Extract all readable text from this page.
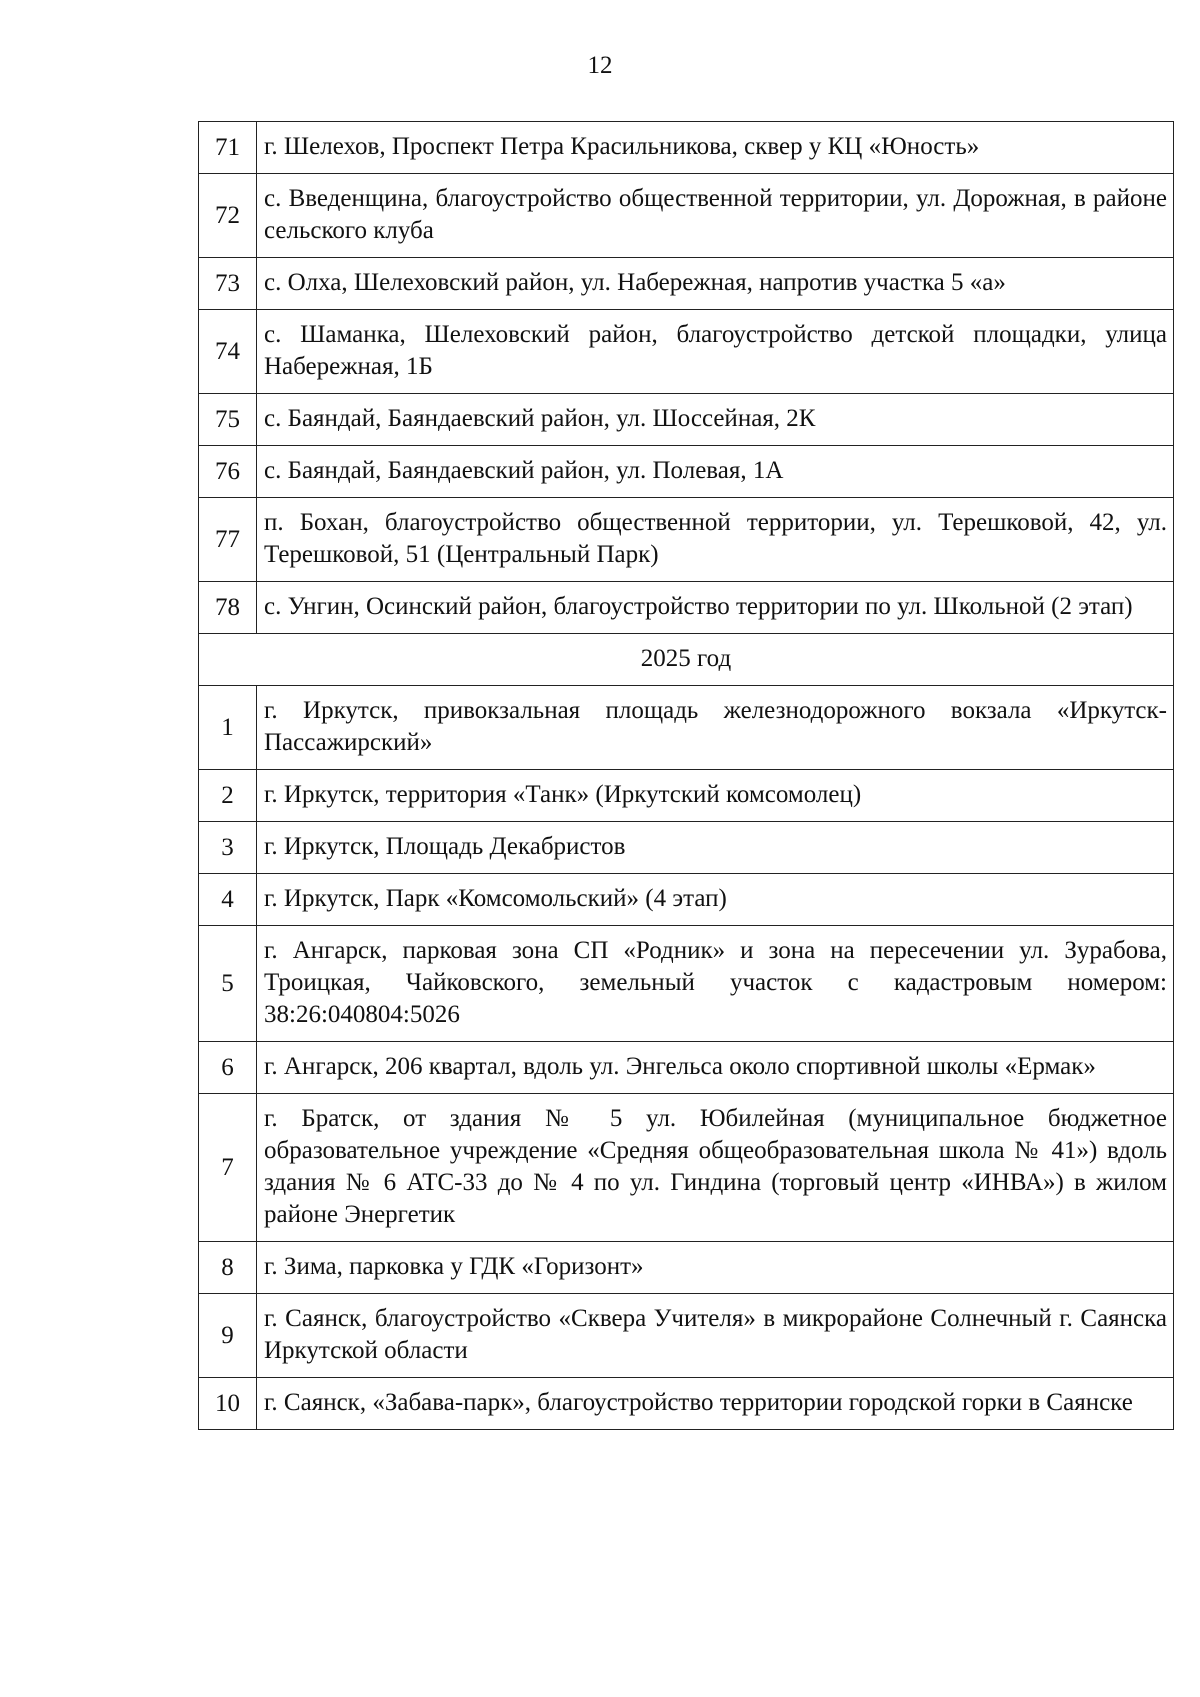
12
71	г. Шелехов, Проспект Петра Красильникова, сквер у КЦ «Юность»
72	с. Введенщина, благоустройство общественной территории, ул. Дорожная, в районе сельского клуба
73	с. Олха, Шелеховский район, ул. Набережная, напротив участка 5 «а»
74	с. Шаманка, Шелеховский район, благоустройство детской площадки, улица Набережная, 1Б
75	с. Баяндай, Баяндаевский район, ул. Шоссейная, 2К
76	с. Баяндай, Баяндаевский район, ул. Полевая, 1А
77	п. Бохан, благоустройство общественной территории, ул. Терешковой, 42, ул. Терешковой, 51 (Центральный Парк)
78	с. Унгин, Осинский район, благоустройство территории по ул. Школьной (2 этап)
2025 год	
1	г. Иркутск, привокзальная площадь железнодорожного вокзала «Иркутск-Пассажирский»
2	г. Иркутск, территория «Танк» (Иркутский комсомолец)
3	г. Иркутск, Площадь Декабристов
4	г. Иркутск, Парк «Комсомольский» (4 этап)
5	г. Ангарск, парковая зона СП «Родник» и зона на пересечении ул. Зурабова, Троицкая, Чайковского, земельный участок с кадастровым номером: 38:26:040804:5026
6	г. Ангарск, 206 квартал, вдоль ул. Энгельса около спортивной школы «Ермак»
7	г. Братск, от здания № 5 ул. Юбилейная (муниципальное бюджетное образовательное учреждение «Средняя общеобразовательная школа № 41») вдоль здания № 6 АТС-33 до № 4 по ул. Гиндина (торговый центр «ИНВА») в жилом районе Энергетик
8	г. Зима, парковка у ГДК «Горизонт»
9	г. Саянск, благоустройство «Сквера Учителя» в микрорайоне Солнечный г. Саянска Иркутской области
10	г. Саянск, «Забава-парк», благоустройство территории городской горки в Саянске
